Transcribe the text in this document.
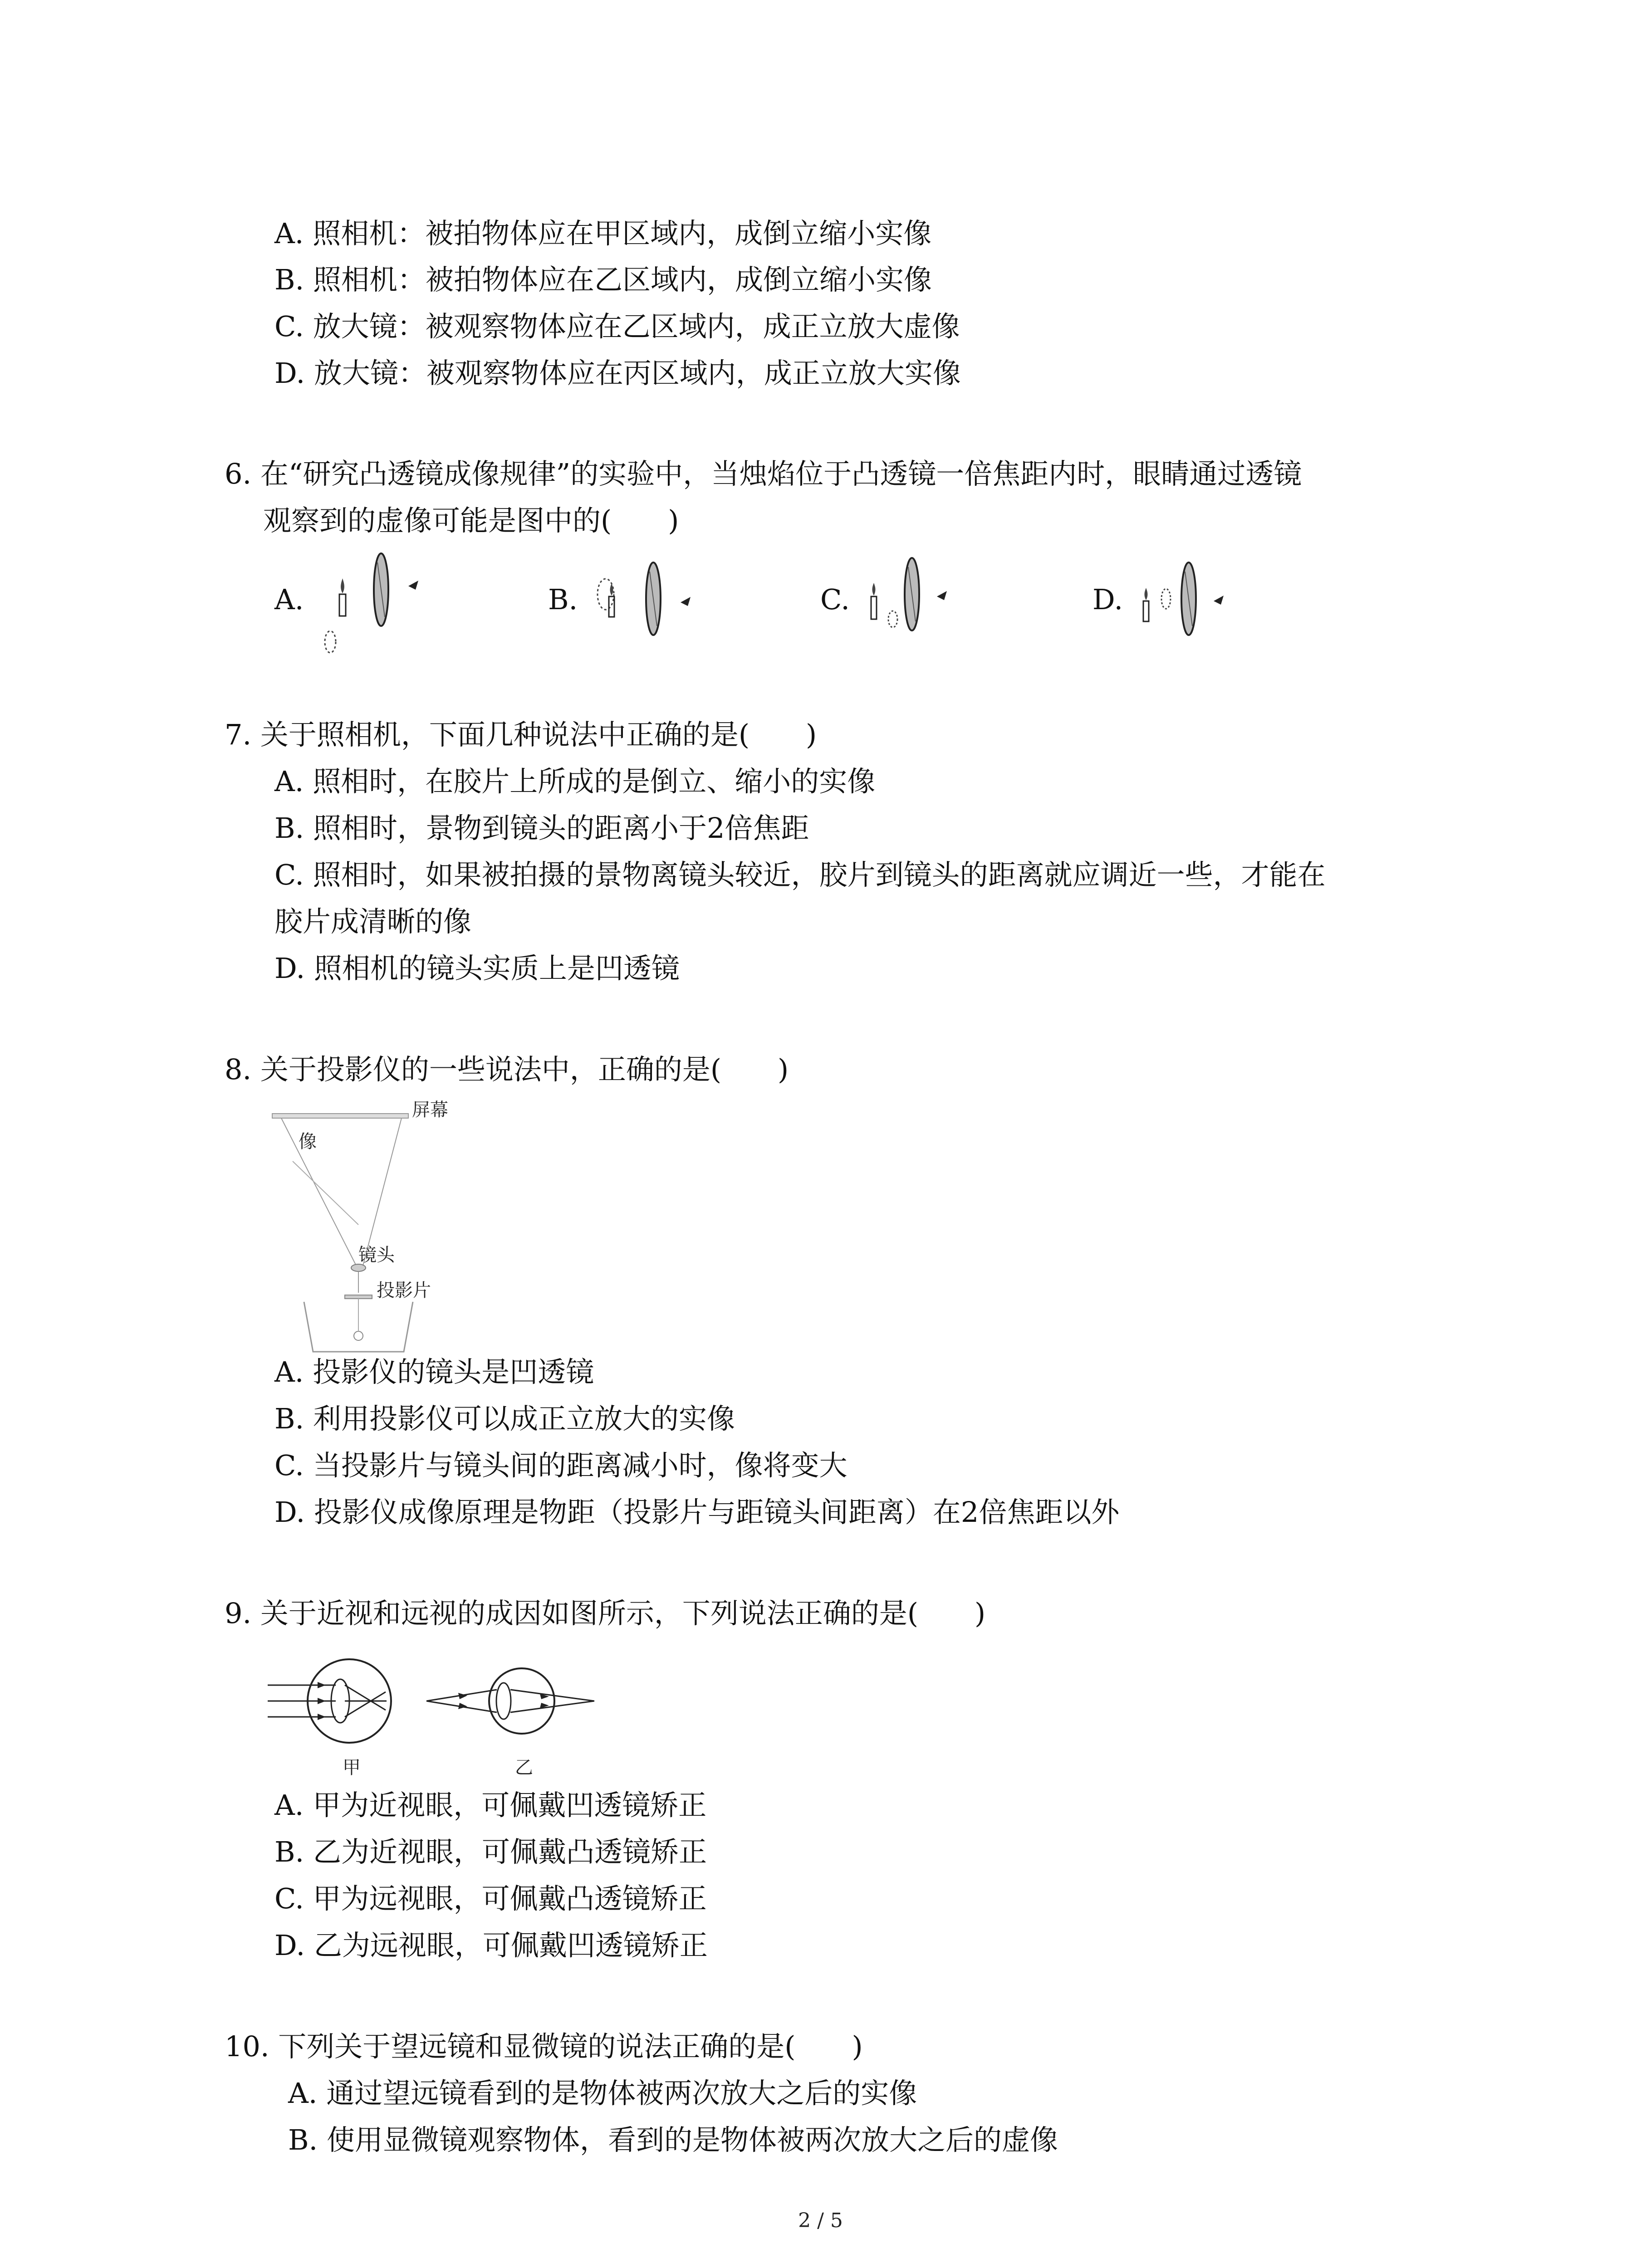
A. 照相机：被拍物体应在甲区域内，成倒立缩小实像
B. 照相机：被拍物体应在乙区域内，成倒立缩小实像
C. 放大镜：被观察物体应在乙区域内，成正立放大虚像
D. 放大镜：被观察物体应在丙区域内，成正立放大实像
6. 在“研究凸透镜成像规律”的实验中，当烛焰位于凸透镜一倍焦距内时，眼睛通过透镜
观察到的虚像可能是图中的(　　)
A.	B.	C.	D.
7. 关于照相机，下面几种说法中正确的是(　　)
A. 照相时，在胶片上所成的是倒立、缩小的实像
B. 照相时，景物到镜头的距离小于2倍焦距
C. 照相时，如果被拍摄的景物离镜头较近，胶片到镜头的距离就应调近一些，才能在
胶片成清晰的像
D. 照相机的镜头实质上是凹透镜
8. 关于投影仪的一些说法中，正确的是(　　)
屏幕
像
镜头
投影片
A. 投影仪的镜头是凹透镜
B. 利用投影仪可以成正立放大的实像
C. 当投影片与镜头间的距离减小时，像将变大
D. 投影仪成像原理是物距（投影片与距镜头间距离）在2倍焦距以外
9. 关于近视和远视的成因如图所示，下列说法正确的是(　　)
甲	乙
A. 甲为近视眼，可佩戴凹透镜矫正
B. 乙为近视眼，可佩戴凸透镜矫正
C. 甲为远视眼，可佩戴凸透镜矫正
D. 乙为远视眼，可佩戴凹透镜矫正
10. 下列关于望远镜和显微镜的说法正确的是(　　)
A. 通过望远镜看到的是物体被两次放大之后的实像
B. 使用显微镜观察物体，看到的是物体被两次放大之后的虚像
2 / 5
